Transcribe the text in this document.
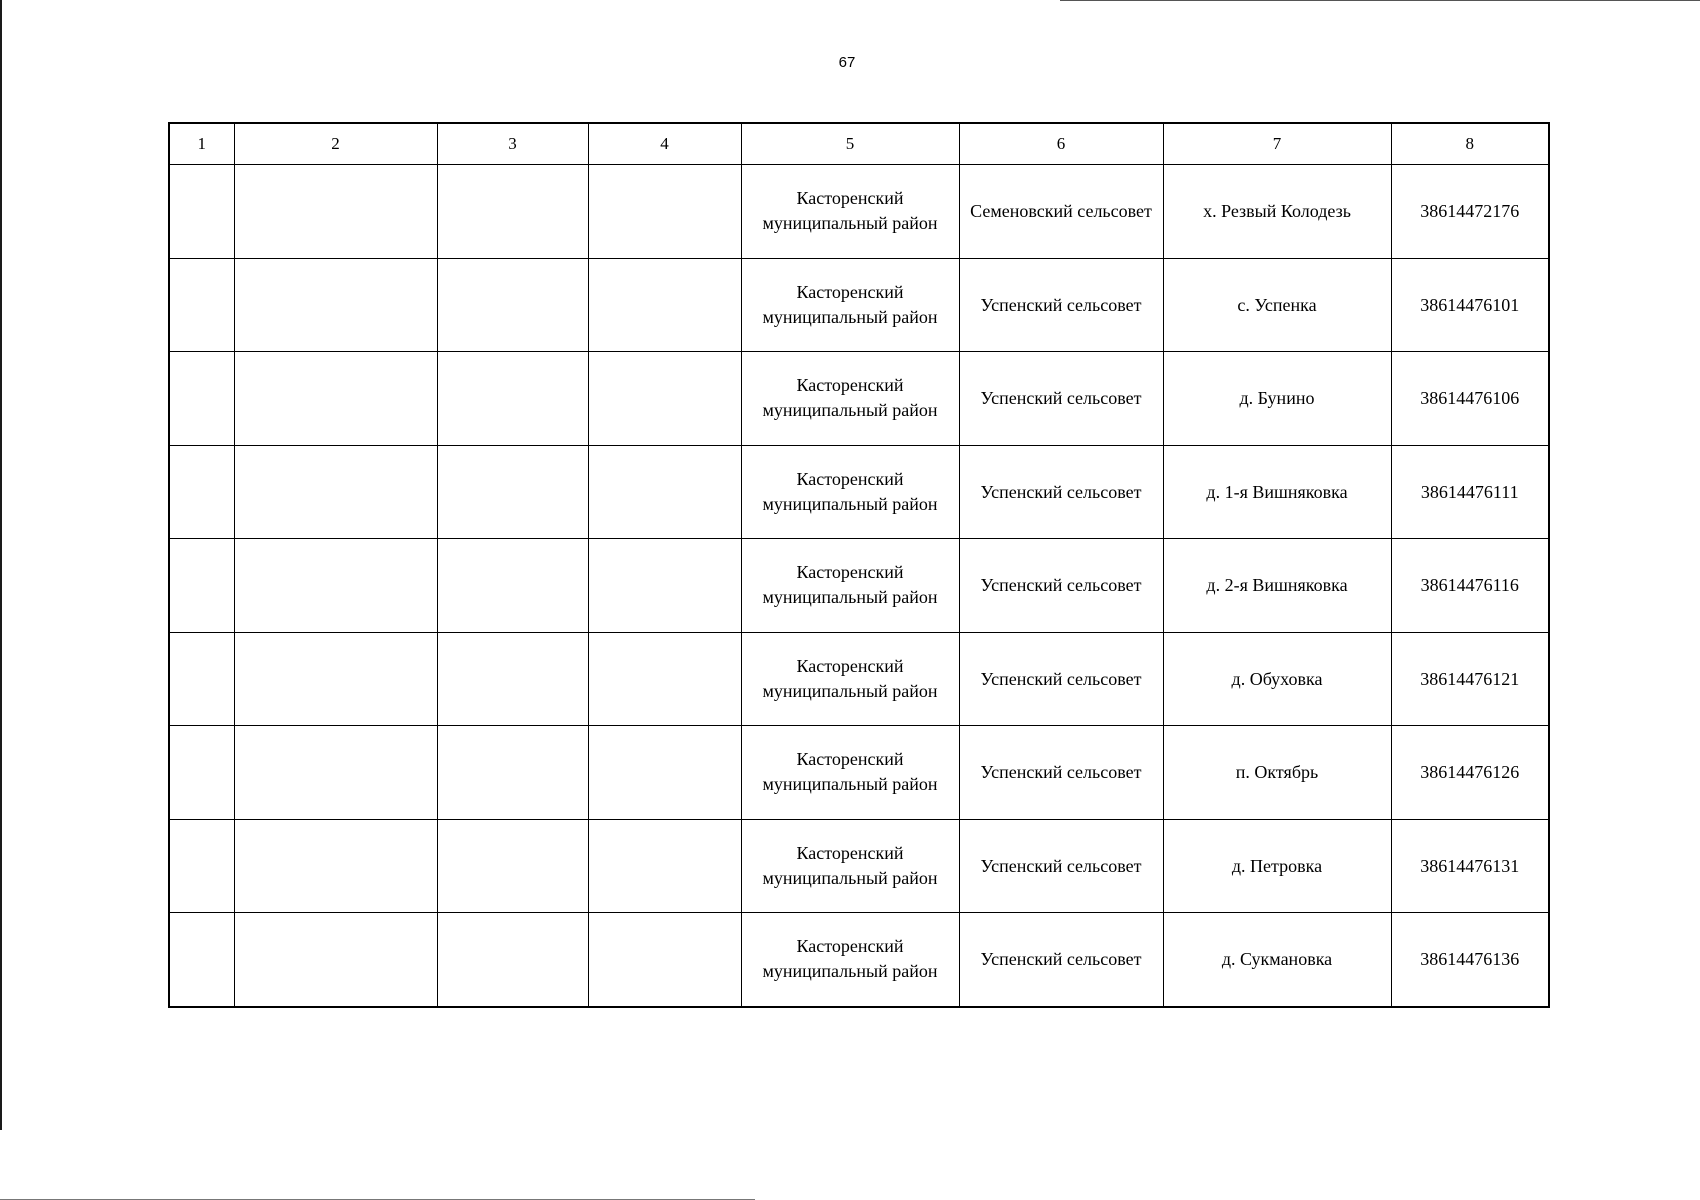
67
1	2	3	4	5	6	7	8

				Касторенский
муниципальный район	Семеновский сельсовет	х. Резвый Колодезь	38614472176

				Касторенский
муниципальный район	Успенский сельсовет	с. Успенка	38614476101

				Касторенский
муниципальный район	Успенский сельсовет	д. Бунино	38614476106

				Касторенский
муниципальный район	Успенский сельсовет	д. 1-я Вишняковка	38614476111

				Касторенский
муниципальный район	Успенский сельсовет	д. 2-я Вишняковка	38614476116

				Касторенский
муниципальный район	Успенский сельсовет	д. Обуховка	38614476121

				Касторенский
муниципальный район	Успенский сельсовет	п. Октябрь	38614476126

				Касторенский
муниципальный район	Успенский сельсовет	д. Петровка	38614476131

				Касторенский
муниципальный район	Успенский сельсовет	д. Сукмановка	38614476136
